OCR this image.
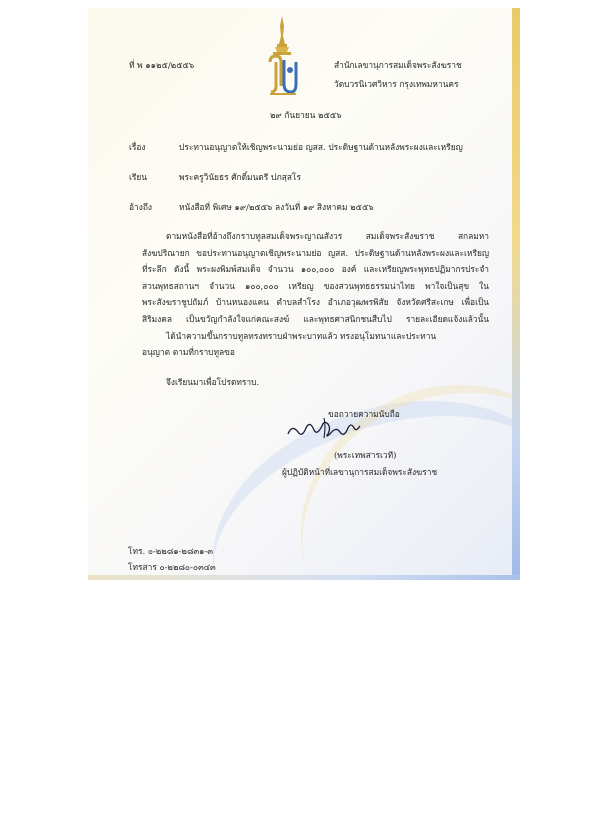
ที่ พ ๑๑๒๕/๒๕๕๖	สำนักเลขานุการสมเด็จพระสังฆราช
วัดบวรนิเวศวิหาร กรุงเทพมหานคร
๒๙ กันยายน ๒๕๕๖
เรื่อง	ประทานอนุญาตให้เชิญพระนามย่อ ญสส. ประดิษฐานด้านหลังพระผงและเหรียญ
เรียน	พระครูวินัยธร ศักดิ์มนตรี ปภสฺสโร
อ้างถึง	หนังสือที่ พิเศษ ๑๙/๒๕๕๖ ลงวันที่ ๑๙ สิงหาคม ๒๕๕๖
ตามหนังสือที่อ้างถึงกราบทูลสมเด็จพระญาณสังวร สมเด็จพระสังฆราช สกลมหา
สังฆปริณายก ขอประทานอนุญาตเชิญพระนามย่อ ญสส. ประดิษฐานด้านหลังพระผงและเหรียญ
ที่ระลึก ดังนี้ พระผงพิมพ์สมเด็จ จำนวน ๑๐๐,๐๐๐ องค์ และเหรียญพระพุทธปฏิมากรประจำ
สวนพุทธสถานฯ จำนวน ๑๐๐,๐๐๐ เหรียญ ของสวนพุทธธรรมน่าไทย พาใจเป็นสุข ใน
พระสังฆราชูปถัมภ์ บ้านหนองแคน ตำบลสำโรง อำเภอวุฒพรพิสัย จังหวัดศรีสะเกษ เพื่อเป็น
สิริมงคล เป็นขวัญกำลังใจแก่คณะสงฆ์ และพุทธศาสนิกชนสืบไป รายละเอียดแจ้งแล้วนั้น
ได้นำความขึ้นกราบทูลทรงทราบฝ่าพระบาทแล้ว ทรงอนุโมทนาและประทาน
อนุญาต ตามที่กราบทูลขอ
จึงเรียนมาเพื่อโปรดทราบ.
ขอถวายความนับถือ
(พระเทพสารเวที)
ผู้ปฏิบัติหน้าที่เลขานุการสมเด็จพระสังฆราช
โทร. ๐-๒๒๘๑-๒๘๓๑-๓
โทรสาร ๐-๒๒๘๐-๐๓๔๓
